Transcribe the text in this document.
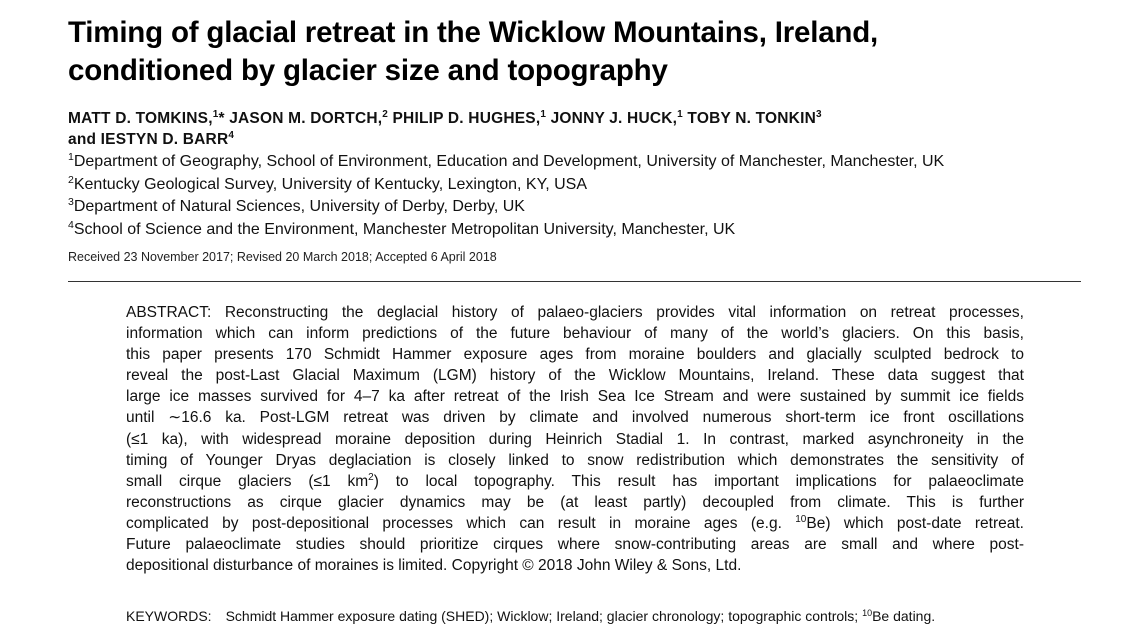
Timing of glacial retreat in the Wicklow Mountains, Ireland,
conditioned by glacier size and topography
MATT D. TOMKINS,$^1$* JASON M. DORTCH,$^2$ PHILIP D. HUGHES,$^1$ JONNY J. HUCK,$^1$ TOBY N. TONKIN$^3$
and IESTYN D. BARR$^4$
$^1$Department of Geography, School of Environment, Education and Development, University of Manchester, Manchester, UK
$^2$Kentucky Geological Survey, University of Kentucky, Lexington, KY, USA
$^3$Department of Natural Sciences, University of Derby, Derby, UK
$^4$School of Science and the Environment, Manchester Metropolitan University, Manchester, UK
Received 23 November 2017; Revised 20 March 2018; Accepted 6 April 2018
ABSTRACT: Reconstructing the deglacial history of palaeo-glaciers provides vital information on retreat processes,
information which can inform predictions of the future behaviour of many of the world’s glaciers. On this basis,
this paper presents 170 Schmidt Hammer exposure ages from moraine boulders and glacially sculpted bedrock to
reveal the post-Last Glacial Maximum (LGM) history of the Wicklow Mountains, Ireland. These data suggest that
large ice masses survived for 4–7 ka after retreat of the Irish Sea Ice Stream and were sustained by summit ice fields
until ∼16.6 ka. Post-LGM retreat was driven by climate and involved numerous short-term ice front oscillations
(≤1 ka), with widespread moraine deposition during Heinrich Stadial 1. In contrast, marked asynchroneity in the
timing of Younger Dryas deglaciation is closely linked to snow redistribution which demonstrates the sensitivity of
small cirque glaciers (≤1 $km^2$) to local topography. This result has important implications for palaeoclimate
reconstructions as cirque glacier dynamics may be (at least partly) decoupled from climate. This is further
complicated by post-depositional processes which can result in moraine ages (e.g. $^{10}$Be) which post-date retreat.
Future palaeoclimate studies should prioritize cirques where snow-contributing areas are small and where post-
depositional disturbance of moraines is limited. Copyright © 2018 John Wiley & Sons, Ltd.
KEYWORDS: Schmidt Hammer exposure dating (SHED); Wicklow; Ireland; glacier chronology; topographic controls; $^{10}$Be dating.
